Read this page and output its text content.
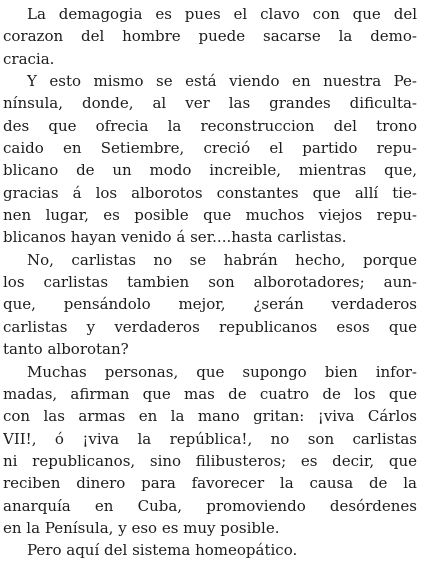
La demagogia es pues el clavo con que del
corazon del hombre puede sacarse la demo-
cracia.
Y esto mismo se está viendo en nuestra Pe-
nínsula, donde, al ver las grandes dificulta-
des que ofrecia la reconstruccion del trono
caido en Setiembre, creció el partido repu-
blicano de un modo increible, mientras que,
gracias á los alborotos constantes que allí tie-
nen lugar, es posible que muchos viejos repu-
blicanos hayan venido á ser....hasta carlistas.
No, carlistas no se habrán hecho, porque
los carlistas tambien son alborotadores; aun-
que, pensándolo mejor, ¿serán verdaderos
carlistas y verdaderos republicanos esos que
tanto alborotan?
Muchas personas, que supongo bien infor-
madas, afirman que mas de cuatro de los que
con las armas en la mano gritan: ¡viva Cárlos
VII!, ó ¡viva la república!, no son carlistas
ni republicanos, sino filibusteros; es decir, que
reciben dinero para favorecer la causa de la
anarquía en Cuba, promoviendo desórdenes
en la Penísula, y eso es muy posible.
Pero aquí del sistema homeopático.
